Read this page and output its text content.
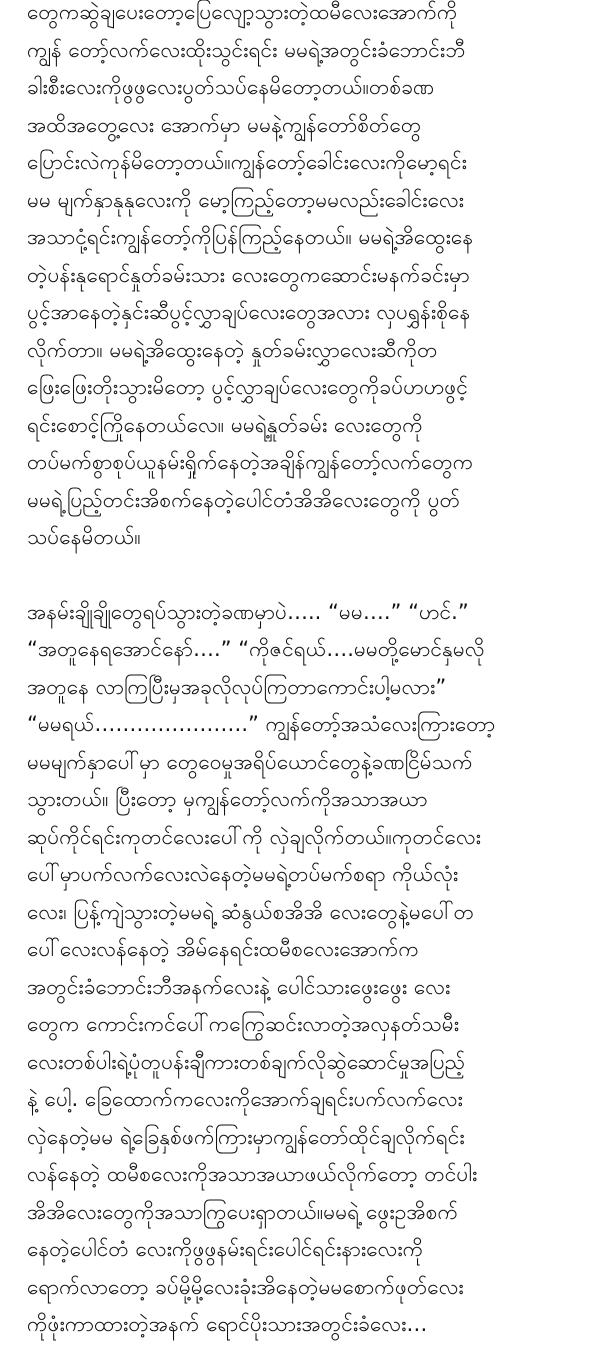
တွေကဆွဲချပေးတော့ပြေလျော့သွားတဲ့ထမီလေးအောက်ကို
ကျွန် တော့်လက်လေးထိုးသွင်းရင်း မမရဲ့အတွင်းခံဘောင်းဘီ
ခါးစီးလေးကိုဖွဖွလေးပွတ်သပ်နေမိတော့တယ်။တစ်ခဏ
အထိအတွေ့လေး အောက်မှာ မမနဲ့ကျွန်တော်စိတ်တွေ
ပြောင်းလဲကုန်မိတော့တယ်။ကျွန်တော့်ခေါင်းလေးကိုမော့ရင်း
မမ မျက်နှာနုနုလေးကို မော့ကြည့်တော့မမလည်းခေါင်းလေး
အသာငုံ့ရင်းကျွန်တော့်ကိုပြန်ကြည့်နေတယ်။ မမရဲ့အိထွေးနေ
တဲ့ပန်းနုရောင်နှုတ်ခမ်းသား လေးတွေကဆောင်းမနက်ခင်းမှာ
ပွင့်အာနေတဲ့နှင်းဆီပွင့်လွှာချပ်လေးတွေအလား လှပရွှန်းစိုနေ
လိုက်တာ။ မမရဲ့အိထွေးနေတဲ့ နှုတ်ခမ်းလွှာလေးဆီကိုတ
ဖြေးဖြေးတိုးသွားမိတော့ ပွင့်လွှာချပ်လေးတွေကိုခပ်ဟဟဖွင့်
ရင်းစောင့်ကြိုနေတယ်လေ။ မမရဲ့နှုတ်ခမ်း လေးတွေကို
တပ်မက်စွာစုပ်ယူနမ်းရှိုက်နေတဲ့အချိန်ကျွန်တော့်လက်တွေက
မမရဲ့ပြည့်တင်းအိစက်နေတဲ့ပေါင်တံအိအိလေးတွေကို ပွတ်
သပ်နေမိတယ်။

အနမ်းချိုချိုတွေရပ်သွားတဲ့ခဏမှာပဲ….. “မမ….” “ဟင်.”
“အတူနေရအောင်နော်….” “ကိုဇင်ရယ်….မမတို့မောင်နှမလို
အတူနေ လာကြပြီးမှအခုလိုလုပ်ကြတာကောင်းပါ့မလား”
“မမရယ်………………….” ကျွန်တော့်အသံလေးကြားတော့
မမမျက်နှာပေါ်မှာ တွေဝေမှုအရိပ်ယောင်တွေနဲ့ခဏငြိမ်သက်
သွားတယ်။ ပြီးတော့ မှကျွန်တော့်လက်ကိုအသာအယာ
ဆုပ်ကိုင်ရင်းကုတင်လေးပေါ်ကို လှဲချလိုက်တယ်။ကုတင်လေး
ပေါ်မှာပက်လက်လေးလဲနေတဲ့မမရဲ့တပ်မက်စရာ ကိုယ်လုံး
လေး၊ ပြန့်ကျဲသွားတဲ့မမရဲ့ ဆံနွယ်စအိအိ လေးတွေနဲ့မပေါ်တ
ပေါ်လေးလန်နေတဲ့ အိမ်နေရင်းထမီစလေးအောက်က
အတွင်းခံဘောင်းဘီအနက်လေးနဲ့ ပေါင်သားဖွေးဖွေး လေး
တွေက ကောင်းကင်ပေါ်ကကြွေဆင်းလာတဲ့အလှနတ်သမီး
လေးတစ်ပါးရဲ့ပုံတူပန်းချီကားတစ်ချက်လိုဆွဲဆောင်မှုအပြည့်
နဲ့ ပေါ့. ခြေထောက်ကလေးကိုအောက်ချရင်းပက်လက်လေး
လှဲနေတဲ့မမ ရဲ့ခြေနှစ်ဖက်ကြားမှာကျွန်တော်ထိုင်ချလိုက်ရင်း
လန်နေတဲ့ ထမီစလေးကိုအသာအယာဖယ်လိုက်တော့ တင်ပါး
အိအိလေးတွေကိုအသာကြွပေးရှာတယ်။မမရဲ့ ဖွေးဥအိစက်
နေတဲ့ပေါင်တံ လေးကိုဖွဖွနမ်းရင်းပေါင်ရင်းနားလေးကို
ရောက်လာတော့ ခပ်မို့မို့လေးခုံးအိနေတဲ့မမစောက်ဖုတ်လေး
ကိုဖုံးကာထားတဲ့အနက် ရောင်ပိုးသားအတွင်းခံလေး…
